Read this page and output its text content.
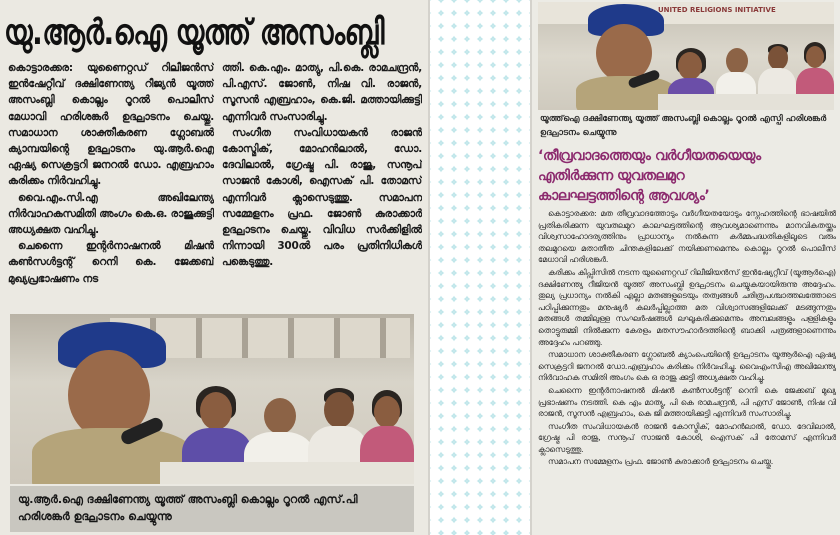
യു.ആർ.ഐ യൂത്ത് അസംബ്ലി
കൊട്ടാരക്കര: യുണൈറ്റഡ് റിലീജൻസ് ഇൻഷേറ്റീവ് ദക്ഷിണേന്ത്യ റീജ്യൻ യൂത്ത് അസംബ്ലി കൊല്ലം റൂറൽ പൊലീസ് മേധാവി ഹരിശങ്കർ ഉദ്ഘാടനം ചെയ്തു. സമാധാന ശാക്തീകരണ ഗ്ലോബൽ ക്യാമ്പയിന്റെ ഉദ്ഘാടനം യു.ആർ.ഐ ഏഷ്യ സെക്രട്ടറി ജനറൽ ഡോ. എബ്രഹാം കരിക്കം നിർവഹിച്ചു.
വൈ.എം.സി.എ അഖിലേന്ത്യ നിർവാഹകസമിതി അംഗം കെ.ഒ. രാജുക്കുട്ടി അധ്യക്ഷത വഹിച്ചു.
ചെന്നൈ ഇന്റർനാഷനൽ മിഷൻ കൺസൾട്ടന്റ് റെനി കെ. ജേക്കബ് മുഖ്യപ്രഭാഷണം നട
ത്തി. കെ.എം. മാത്യു, പി.കെ. രാമചന്ദ്രൻ, പി.എസ്. ജോൺ, നിഷ വി. രാജൻ, സൂസൻ എബ്രഹാം, കെ.ജി. മത്തായിക്കുട്ടി എന്നിവർ സംസാരിച്ചു.
സംഗീത സംവിധായകൻ രാജൻ കോസ്മിക്, മോഹൻലാൽ, ഡോ. ദേവിലാൽ, ഗ്രേഷ്മ പി. രാജു, സനൂപ് സാജൻ കോശി, ഐസക് പി. തോമസ് എന്നിവർ ക്ലാസെടുത്തു. സമാപന സമ്മേളനം പ്രഫ. ജോൺ കുരാക്കാർ ഉദ്ഘാടനം ചെയ്തു. വിവിധ സർക്കിളിൽ നിന്നായി 300ൽ പരം പ്രതിനിധികൾ പങ്കെടുത്തു.
യു.ആർ.ഐ ദക്ഷിണേന്ത്യ യൂത്ത് അസംബ്ലി കൊല്ലം റൂറൽ എസ്.പി ഹരിശങ്കർ ഉദ്ഘാടനം ചെയ്യുന്നു
UNITED RELIGIONS INITIATIVE
യൂത്ത്ഐ ദക്ഷിണേന്ത്യ യൂത്ത് അസംബ്ലി കൊല്ലം റൂറൽ എസ്പി ഹരിശങ്കർ ഉദ്ഘാടനം ചെയ്യുന്നു
‘തീവ്രവാദത്തെയും വർഗീയതയെയും
എതിർക്കുന്ന യുവതലമുറ
കാലഘട്ടത്തിന്റെ ആവശ്യം’

കൊട്ടാരക്കര: മത തീവ്രവാദത്തോടും വർഗീയതയോടും സ്നേഹത്തിന്റെ ഭാഷയിൽ പ്രതികരിക്കുന്ന യുവതലമുറ കാലഘട്ടത്തിന്റെ ആവശ്യമാണെന്നും മാനവികതയ്ക്കും വിശ്വസാഹോദര്യത്തിനും പ്രാധാന്യം നൽകുന്ന കർമ്മപദ്ധതികളിലൂടെ വരും തലമുറയെ മതാതീത ചിന്തകളിലേക്ക് നയിക്കണമെന്നും കൊല്ലം റൂറൽ പൊലീസ് മേധാവി ഹരിശങ്കർ.

കരിക്കം കിപ്സിസിൽ നടന്ന യുണൈറ്റഡ് റിലീജിയൻസ് ഇൻഷ്യേറ്റീവ് (യൂആർഐ) ദക്ഷിണേന്ത്യ റീജിയൻ യൂത്ത് അസംബ്ലി ഉദ്ഘാടനം ചെയ്യുകയായിരുന്നു അദ്ദേഹം. തുല്യ പ്രധാന്യം നൽകി എല്ലാ മതങ്ങളുടെയും തത്വങ്ങൾ ചരിത്രപശ്ചാത്തലത്തോടെ പഠിപ്പിക്കുന്നതും മനുഷ്യർ കലർപ്പില്ലാത്ത മത വിശ്വാസങ്ങളിലേക്ക് മടങ്ങുന്നതും മതങ്ങൾ തമ്മിലുള്ള സംഘർഷങ്ങൾ ലഘൂകരിക്കുമെന്നും അമ്പലങ്ങളും പള്ളികളും തൊട്ടുരുമ്മി നിൽക്കുന്ന കേരളം മതസൗഹാർദത്തിന്റെ ബാക്കി പത്രങ്ങളാണെന്നും അദ്ദേഹം പറഞ്ഞു.

സമാധാന ശാക്തീകരണ ഗ്ലോബൽ ക്യാംപെയിന്റെ ഉദ്ഘാടനം യൂആർഐ ഏഷ്യ സെക്രട്ടറി ജനറൽ ഡോ.എബ്രഹാം കരിക്കം നിർവഹിച്ചു. വൈഎംസിഎ അഖിലേന്ത്യ നിർവാഹക സമിതി അംഗം കെ ഒ രാജു ക്കുട്ടി അധ്യക്ഷത വഹിച്ചു.

ചെന്നൈ ഇന്റർനാഷനൽ മിഷൻ കൺസൾട്ടന്റ് റെനി കെ ജേക്കബ് മുഖ്യ പ്രഭാഷണം നടത്തി. കെ എം മാത്യു, പി കെ രാമചന്ദ്രൻ, പി എസ് ജോൺ, നിഷ വി രാജൻ, സൂസൻ എബ്രഹാം, കെ ജി മത്തായിക്കുട്ടി എന്നിവർ സംസാരിച്ചു.

സംഗീത സംവിധായകൻ രാജൻ കോസ്മിക്, മോഹൻലാൽ, ഡോ. ദേവിലാൽ, ഗ്രേഷ്മ പി രാജു, സനൂപ് സാജൻ കോശി, ഐസക് പി തോമസ് എന്നിവർ ക്ലാസെടുത്തു.

സമാപന സമ്മേളനം പ്രഫ. ജോൺ കുരാക്കാർ ഉദ്ഘാടനം ചെയ്തു.
